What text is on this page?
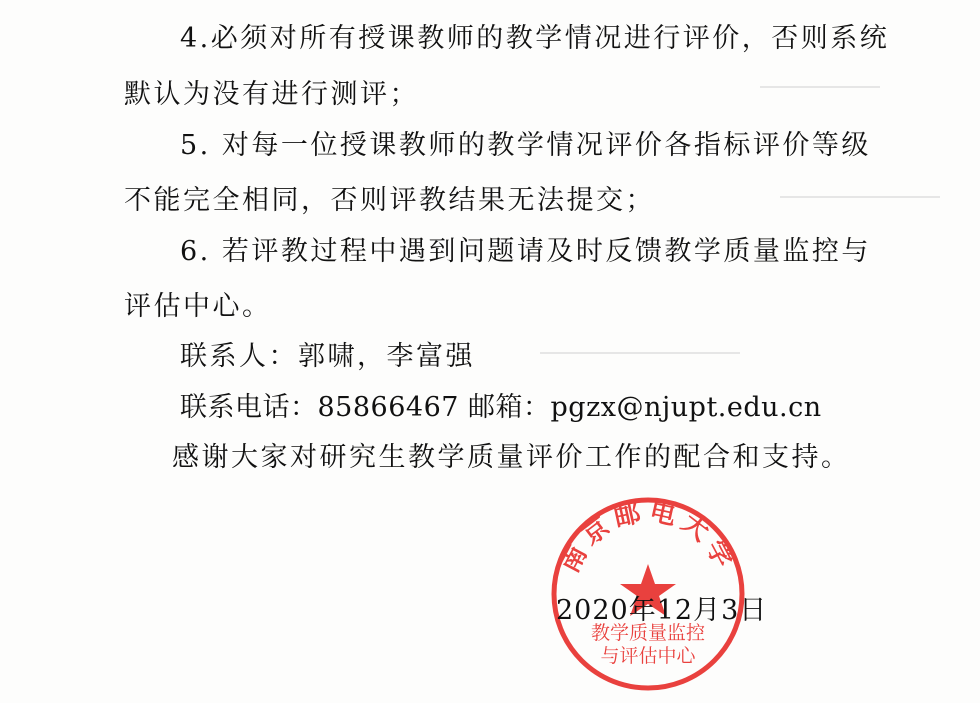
4.必须对所有授课教师的教学情况进行评价，否则系统
默认为没有进行测评；
5. 对每一位授课教师的教学情况评价各指标评价等级
不能完全相同，否则评教结果无法提交；
6. 若评教过程中遇到问题请及时反馈教学质量监控与
评估中心。
联系人：郭啸，李富强
联系电话：85866467 邮箱：pgzx@njupt.edu.cn
感谢大家对研究生教学质量评价工作的配合和支持。
南京邮电大学
教学质量监控
与评估中心
2020年12月3日
